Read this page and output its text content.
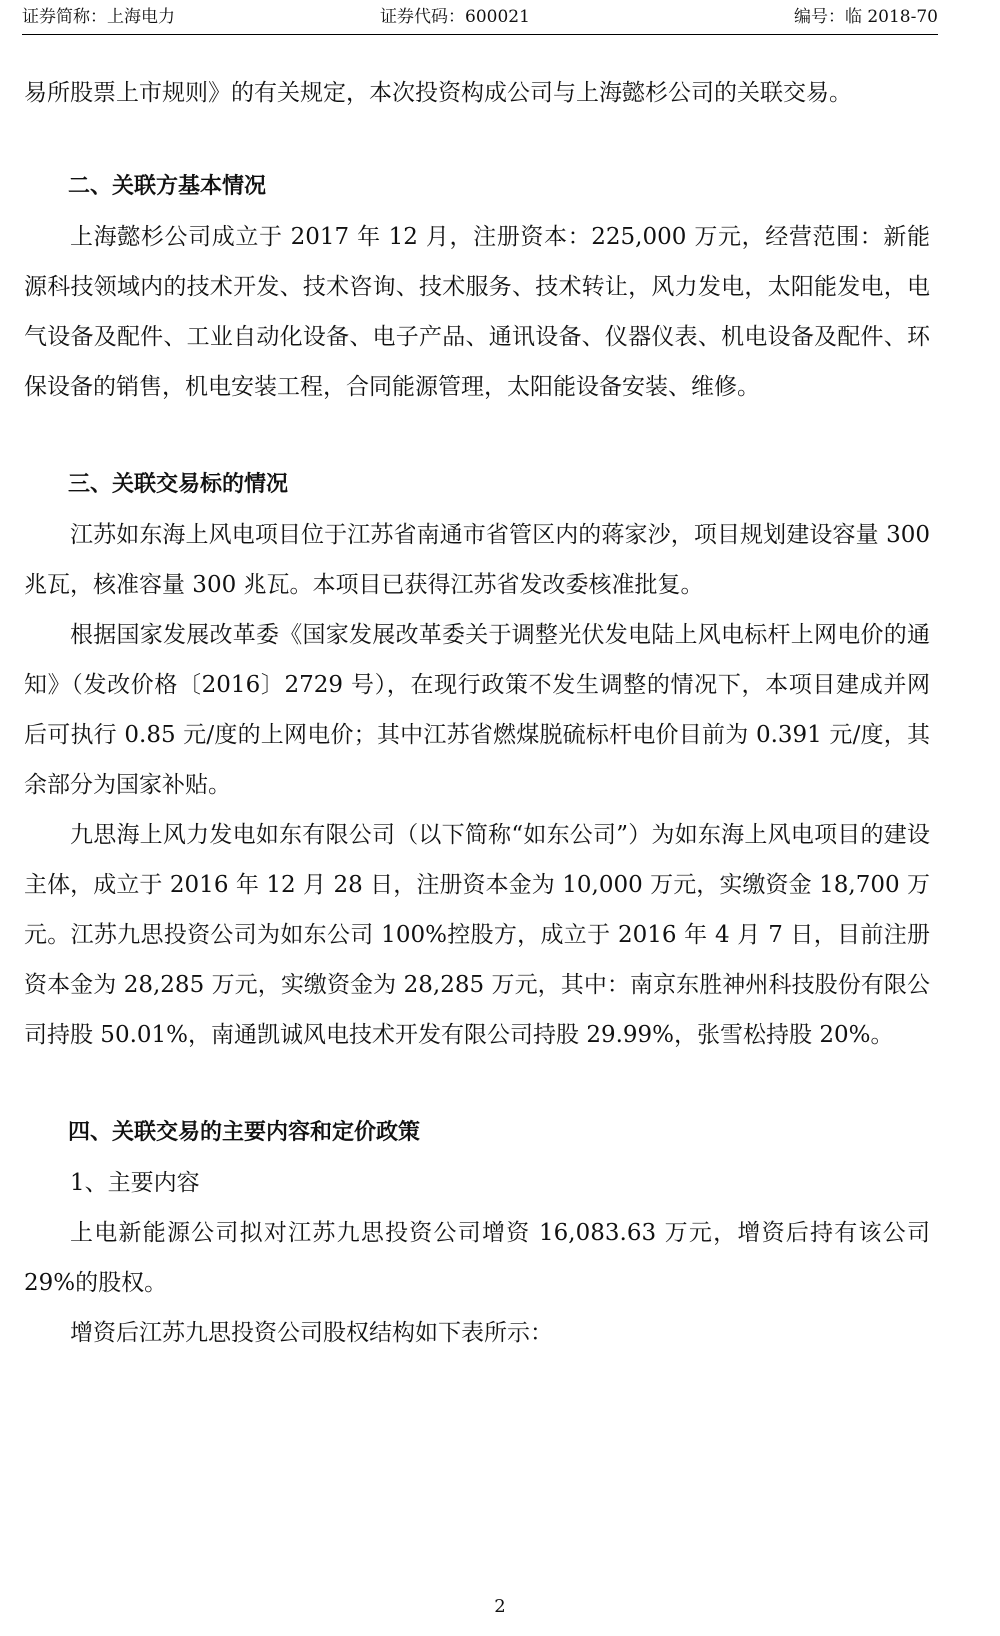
证券简称：上海电力	证券代码：600021	编号：临 2018-70

易所股票上市规则》的有关规定，本次投资构成公司与上海懿杉公司的关联交易。

二、关联方基本情况

上海懿杉公司成立于 2017 年 12 月，注册资本：225,000 万元，经营范围：新能源科技领域内的技术开发、技术咨询、技术服务、技术转让，风力发电，太阳能发电，电气设备及配件、工业自动化设备、电子产品、通讯设备、仪器仪表、机电设备及配件、环保设备的销售，机电安装工程，合同能源管理，太阳能设备安装、维修。

三、关联交易标的情况

江苏如东海上风电项目位于江苏省南通市省管区内的蒋家沙，项目规划建设容量 300 兆瓦，核准容量 300 兆瓦。本项目已获得江苏省发改委核准批复。

根据国家发展改革委《国家发展改革委关于调整光伏发电陆上风电标杆上网电价的通知》（发改价格〔2016〕2729 号），在现行政策不发生调整的情况下，本项目建成并网后可执行 0.85 元/度的上网电价；其中江苏省燃煤脱硫标杆电价目前为 0.391 元/度，其余部分为国家补贴。

九思海上风力发电如东有限公司（以下简称“如东公司”）为如东海上风电项目的建设主体，成立于 2016 年 12 月 28 日，注册资本金为 10,000 万元，实缴资金 18,700 万元。江苏九思投资公司为如东公司 100%控股方，成立于 2016 年 4 月 7 日，目前注册资本金为 28,285 万元，实缴资金为 28,285 万元，其中：南京东胜神州科技股份有限公司持股 50.01%，南通凯诚风电技术开发有限公司持股 29.99%，张雪松持股 20%。

四、关联交易的主要内容和定价政策

1、主要内容

上电新能源公司拟对江苏九思投资公司增资 16,083.63 万元，增资后持有该公司 29%的股权。

增资后江苏九思投资公司股权结构如下表所示：

2
